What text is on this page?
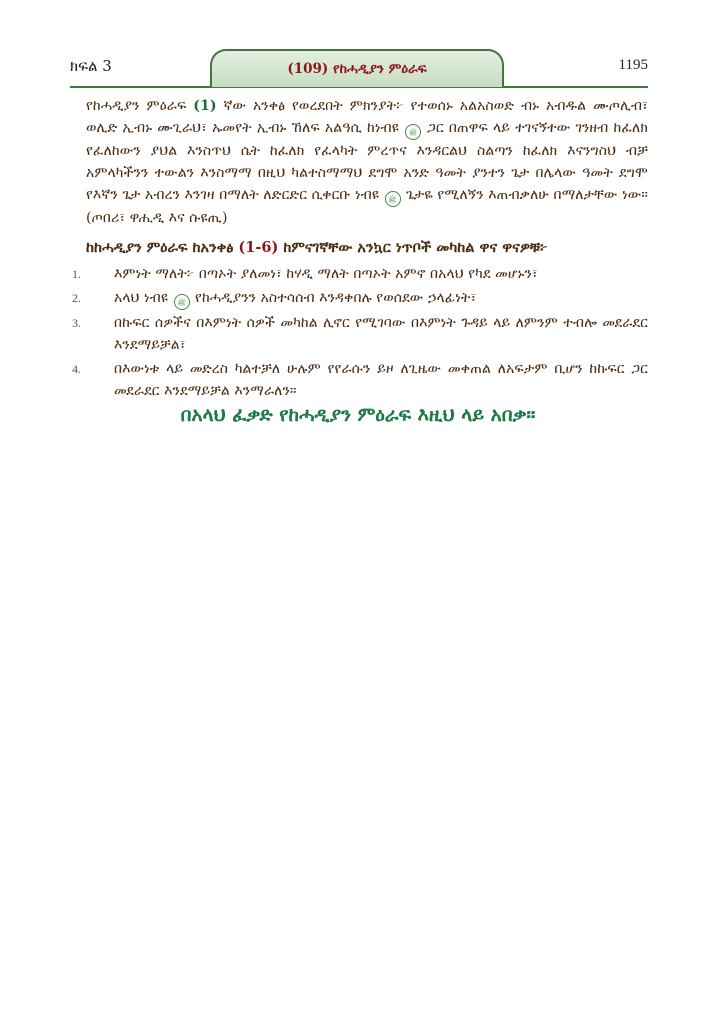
ክፍል 3	(109) የከሓዲያን ምዕራፍ	1195

የከሓዲያን ምዕራፍ (1) ኛው አንቀፅ የወረደበት ምክንያት፦ የተወሰኑ አልአስወድ ብኑ አብዱል ሙጦሊብ፣ ወሊድ ኢብኑ ሙጊራህ፣ ኡመየት ኢብኑ ኸለፍ አልዓሲ ከነብዩ ﷺ ጋር በጠዋፍ ላይ ተገናኝተው ገንዘብ ከፈለክ የፈለከውን ያህል እንስጥህ ሴት ከፈለክ የፈላካት ምረጥና እንዳርልህ ስልጣን ከፈለክ እናንግስህ ብቻ አምላካችንን ተውልን እንስማማ በዚህ ካልተስማማህ ደግሞ አንድ ዓመት ያንተን ጌታ በሌላው ዓመት ደግሞ የእኛን ጌታ አብረን እንገዛ በማለት ለድርድር ሲቀርቡ ነብዩ ﷺ ጌታዬ የሚለኝን እጠብቃለሁ በማለታቸው ነው። (ጦበሪ፣ ዋሒዲ እና ሱዩጢ)

ከከሓዲያን ምዕራፍ ከአንቀፅ (1-6) ከምናገኛቸው አንኳር ነጥቦች መካከል ዋና ዋናዎቹ፦
1. እምነት ማለት፦ በጣኦት ያለመነ፣ ከሃዲ ማለት በጣኦት አምኖ በአላህ የካደ መሆኑን፣
2. አላህ ነብዩ ﷺ የከሓዲያንን አስተሳሰብ እንዳቀበሉ የወሰደው ኃላፊነት፣
3. በኩፍር ሰዎችና በእምነት ሰዎች መካከል ሊኖር የሚገባው በእምነት ጉዳይ ላይ ለምንም ተብሎ መደራደር እንደማይቻል፣
4. በእውነቱ ላይ መድረስ ካልተቻለ ሁሉም የየራሱን ይዞ ለጊዜው መቀጠል ለአፍታም ቢሆን ከኩፍር ጋር መደራደር እንደማይቻል እንማራለን።
በአላህ ፈቃድ የከሓዲያን ምዕራፍ እዚህ ላይ አበቃ።
